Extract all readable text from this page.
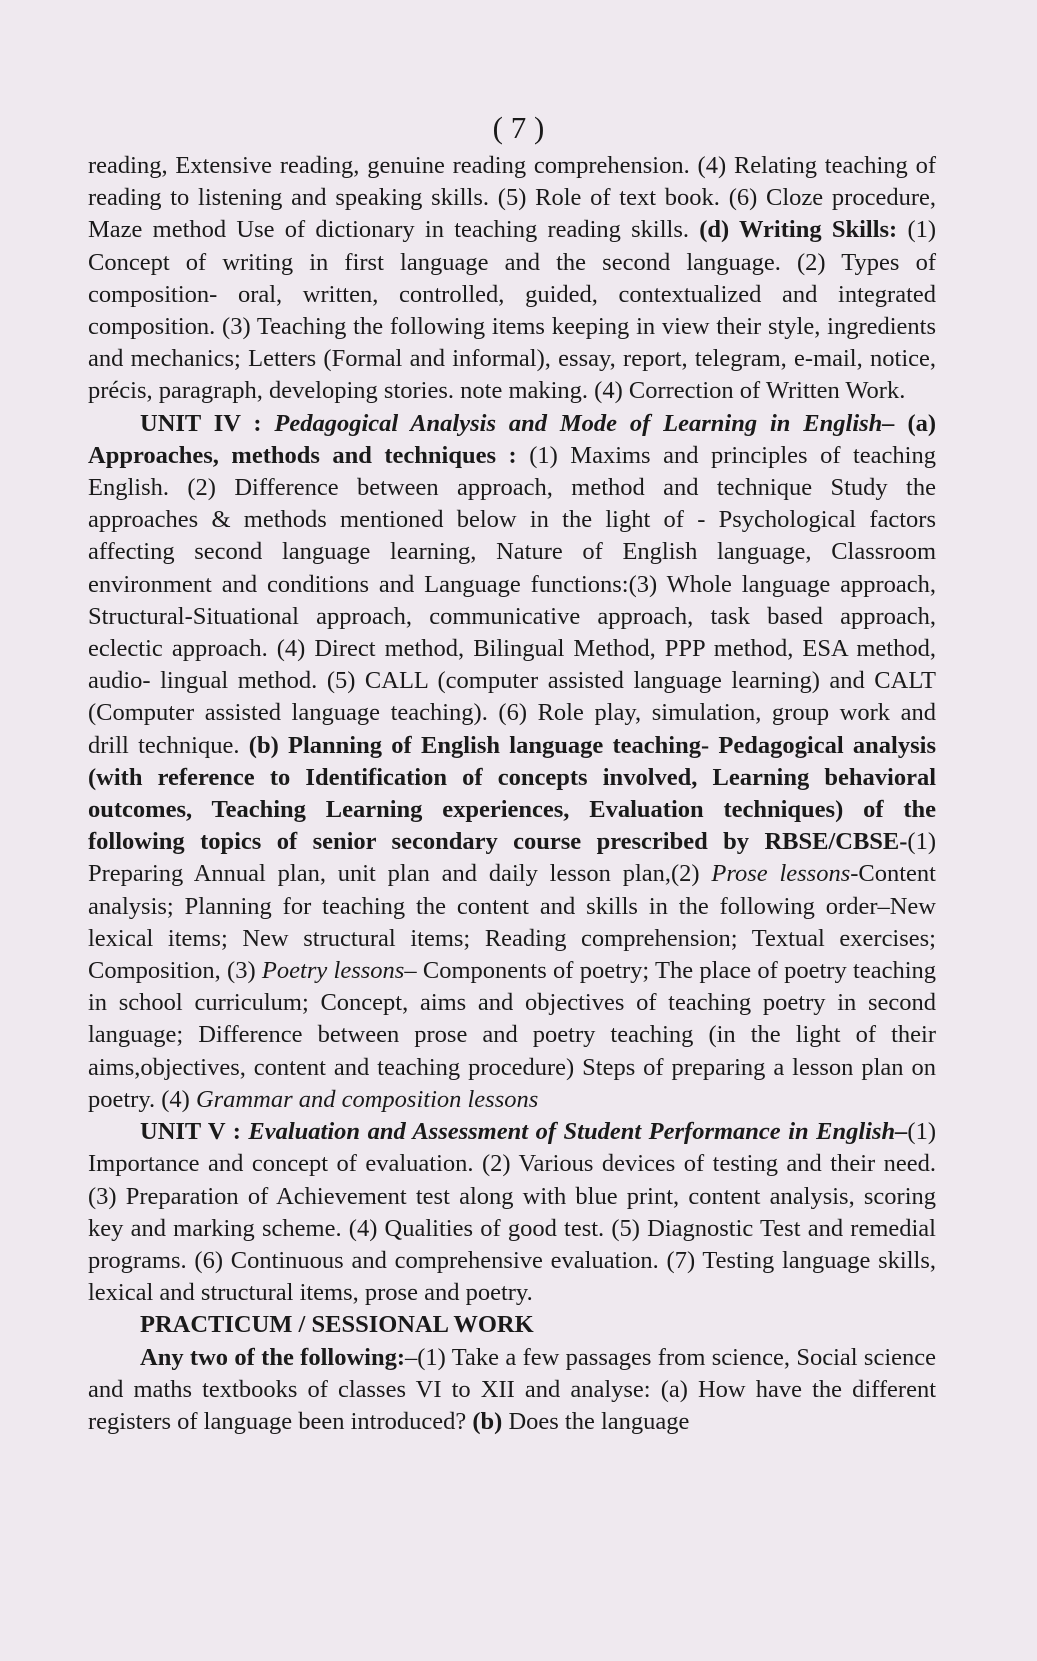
( 7 )

reading, Extensive reading, genuine reading comprehension. (4) Relating teaching of reading to listening and speaking skills. (5) Role of text book. (6) Cloze procedure, Maze method Use of dictionary in teaching reading skills. (d) Writing Skills: (1) Concept of writing in first language and the second language. (2) Types of composition- oral, written, controlled, guided, contextualized and integrated composition. (3) Teaching the following items keeping in view their style, ingredients and mechanics; Letters (Formal and informal), essay, report, telegram, e-mail, notice, précis, paragraph, developing stories. note making. (4) Correction of Written Work.

UNIT IV : Pedagogical Analysis and Mode of Learning in English– (a) Approaches, methods and techniques : (1) Maxims and principles of teaching English. (2) Difference between approach, method and technique Study the approaches & methods mentioned below in the light of - Psychological factors affecting second language learning, Nature of English language, Classroom environment and conditions and Language functions:(3) Whole language approach, Structural-Situational approach, communicative approach, task based approach, eclectic approach. (4) Direct method, Bilingual Method, PPP method, ESA method, audio- lingual method. (5) CALL (computer assisted language learning) and CALT (Computer assisted language teaching). (6) Role play, simulation, group work and drill technique. (b) Planning of English language teaching- Pedagogical analysis (with reference to Identification of concepts involved, Learning behavioral outcomes, Teaching Learning experiences, Evaluation techniques) of the following topics of senior secondary course prescribed by RBSE/CBSE-(1) Preparing Annual plan, unit plan and daily lesson plan,(2) Prose lessons-Content analysis; Planning for teaching the content and skills in the following order–New lexical items; New structural items; Reading comprehension; Textual exercises; Composition, (3) Poetry lessons– Components of poetry; The place of poetry teaching in school curriculum; Concept, aims and objectives of teaching poetry in second language; Difference between prose and poetry teaching (in the light of their aims,objectives, content and teaching procedure) Steps of preparing a lesson plan on poetry. (4) Grammar and composition lessons

UNIT V : Evaluation and Assessment of Student Performance in English–(1) Importance and concept of evaluation. (2) Various devices of testing and their need. (3) Preparation of Achievement test along with blue print, content analysis, scoring key and marking scheme. (4) Qualities of good test. (5) Diagnostic Test and remedial programs. (6) Continuous and comprehensive evaluation. (7) Testing language skills, lexical and structural items, prose and poetry.

PRACTICUM / SESSIONAL WORK

Any two of the following:–(1) Take a few passages from science, Social science and maths textbooks of classes VI to XII and analyse: (a) How have the different registers of language been introduced? (b) Does the language
